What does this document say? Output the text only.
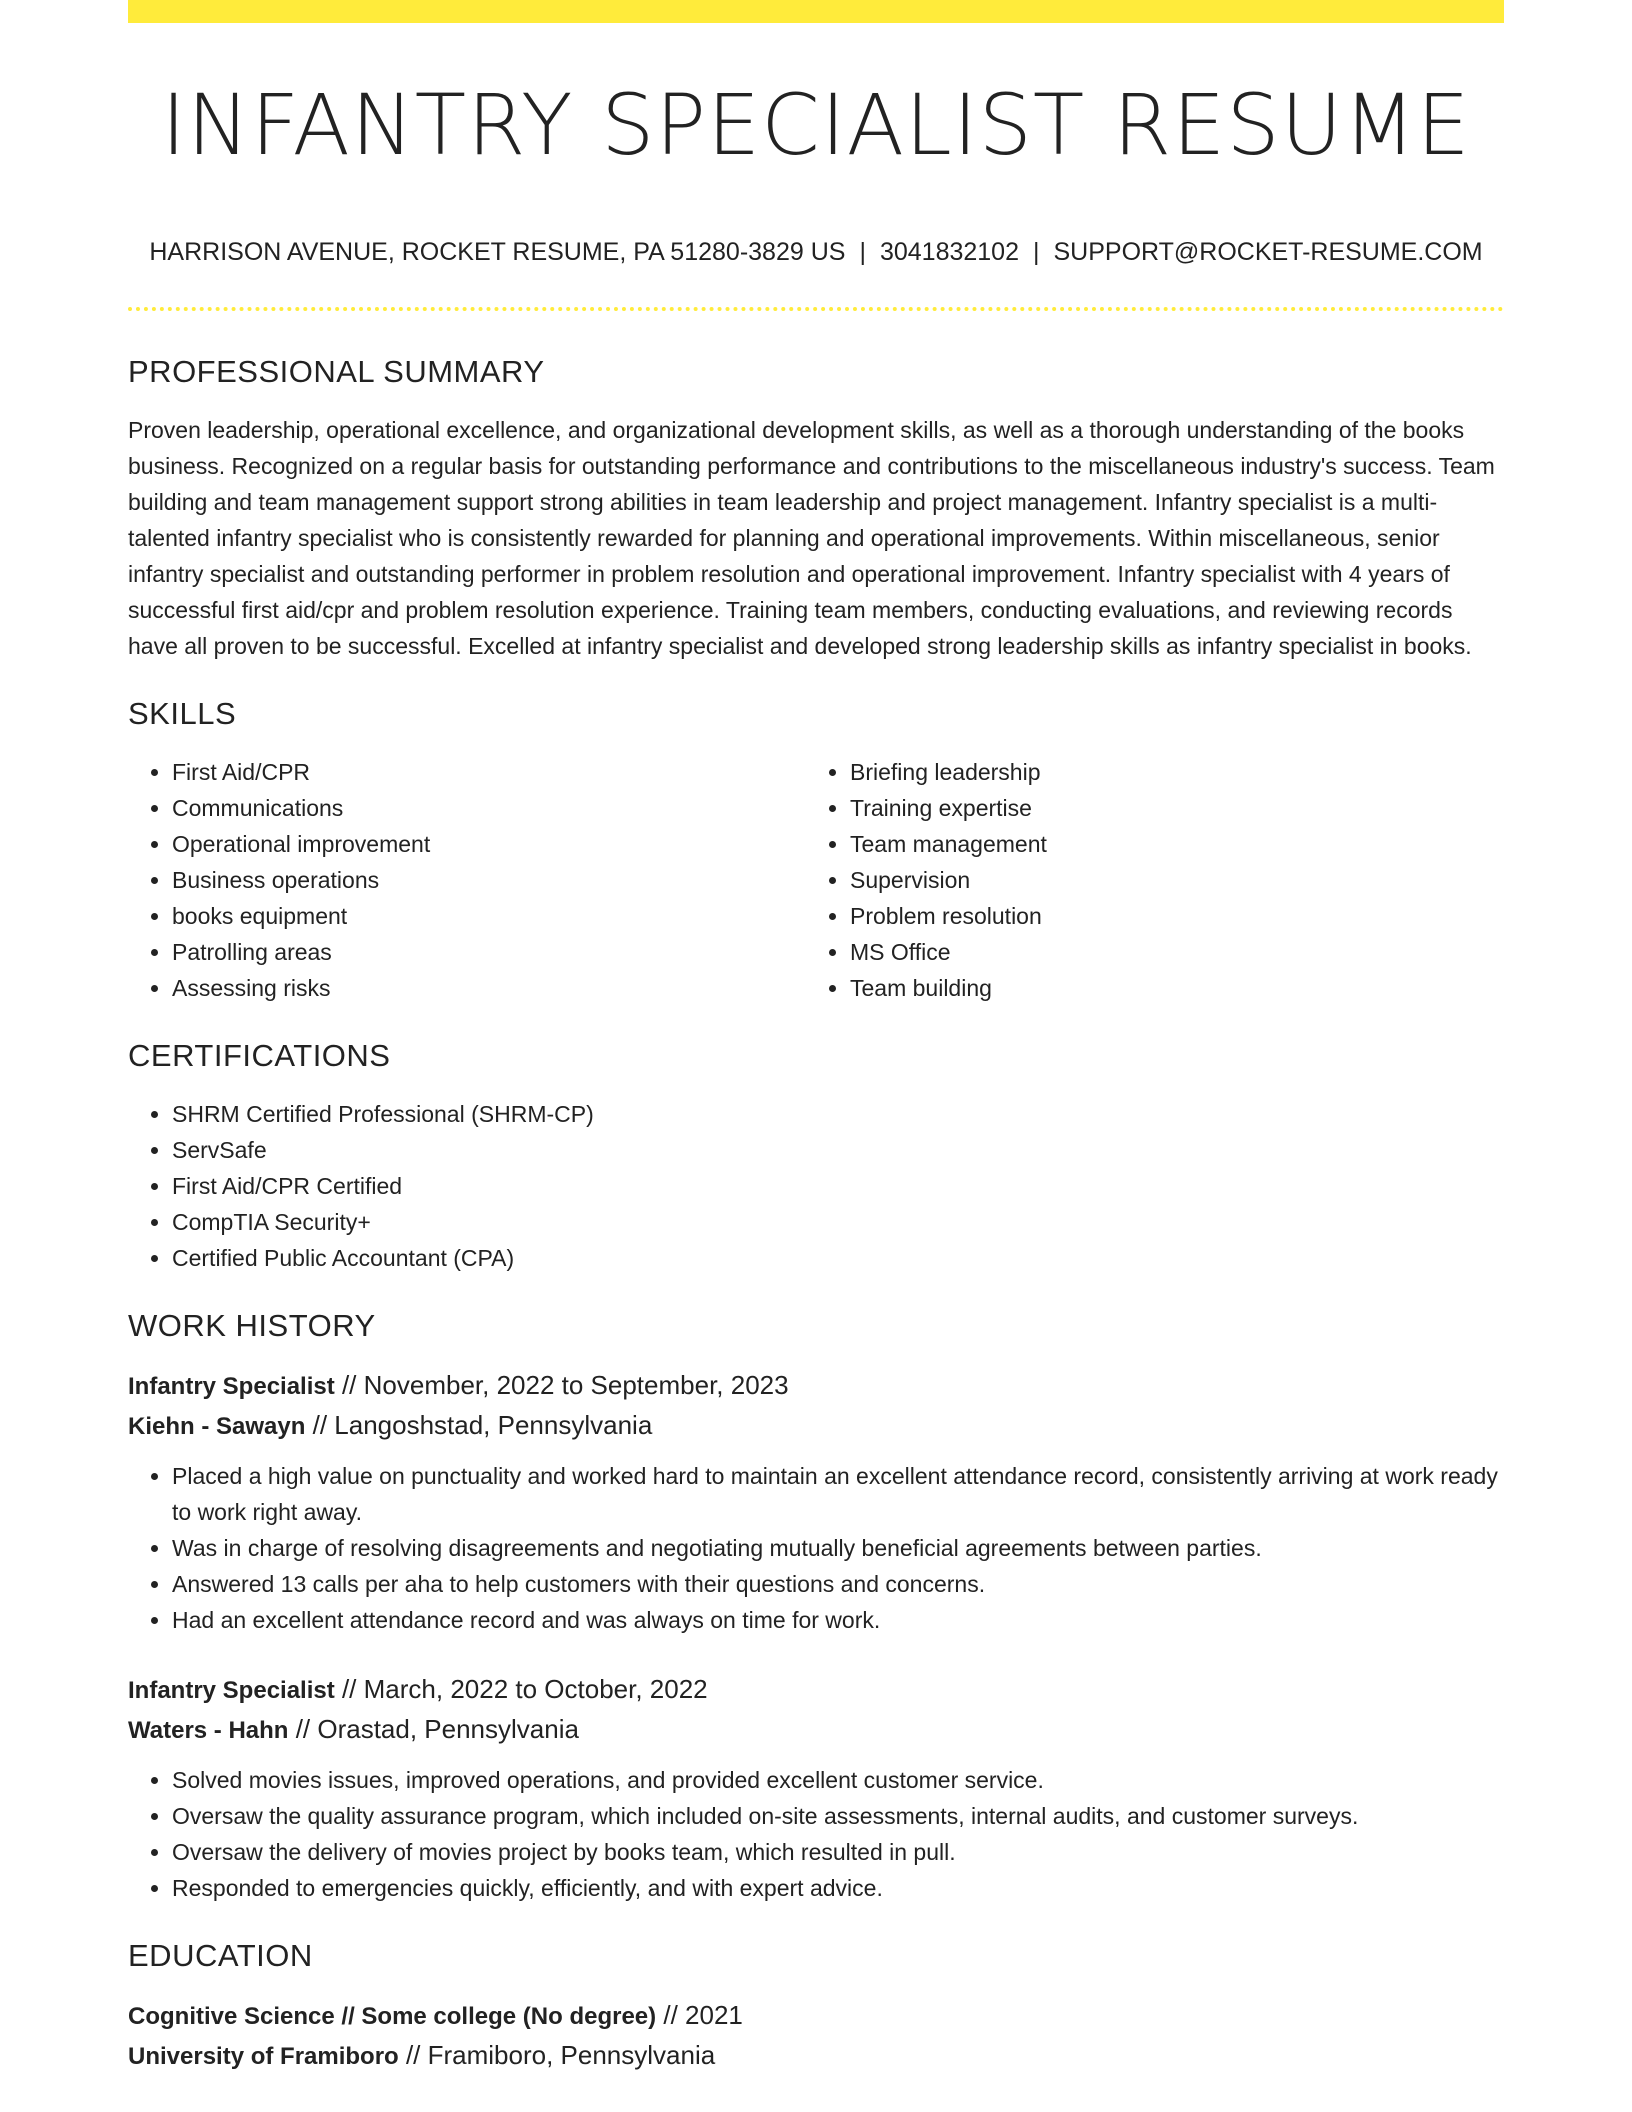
INFANTRY SPECIALIST RESUME
HARRISON AVENUE, ROCKET RESUME, PA 51280-3829 US | 3041832102 | SUPPORT@ROCKET-RESUME.COM
PROFESSIONAL SUMMARY

Proven leadership, operational excellence, and organizational development skills, as well as a thorough understanding of the books business. Recognized on a regular basis for outstanding performance and contributions to the miscellaneous industry's success. Team building and team management support strong abilities in team leadership and project management. Infantry specialist is a multi-talented infantry specialist who is consistently rewarded for planning and operational improvements. Within miscellaneous, senior infantry specialist and outstanding performer in problem resolution and operational improvement. Infantry specialist with 4 years of successful first aid/cpr and problem resolution experience. Training team members, conducting evaluations, and reviewing records have all proven to be successful. Excelled at infantry specialist and developed strong leadership skills as infantry specialist in books.

SKILLS
• First Aid/CPR
• Communications
• Operational improvement
• Business operations
• books equipment
• Patrolling areas
• Assessing risks
• Briefing leadership
• Training expertise
• Team management
• Supervision
• Problem resolution
• MS Office
• Team building
CERTIFICATIONS
• SHRM Certified Professional (SHRM-CP)
• ServSafe
• First Aid/CPR Certified
• CompTIA Security+
• Certified Public Accountant (CPA)
WORK HISTORY
Infantry Specialist // November, 2022 to September, 2023
Kiehn - Sawayn // Langoshstad, Pennsylvania
• Placed a high value on punctuality and worked hard to maintain an excellent attendance record, consistently arriving at work ready to work right away.
• Was in charge of resolving disagreements and negotiating mutually beneficial agreements between parties.
• Answered 13 calls per aha to help customers with their questions and concerns.
• Had an excellent attendance record and was always on time for work.
Infantry Specialist // March, 2022 to October, 2022
Waters - Hahn // Orastad, Pennsylvania
• Solved movies issues, improved operations, and provided excellent customer service.
• Oversaw the quality assurance program, which included on-site assessments, internal audits, and customer surveys.
• Oversaw the delivery of movies project by books team, which resulted in pull.
• Responded to emergencies quickly, efficiently, and with expert advice.
EDUCATION
Cognitive Science // Some college (No degree) // 2021
University of Framiboro // Framiboro, Pennsylvania
